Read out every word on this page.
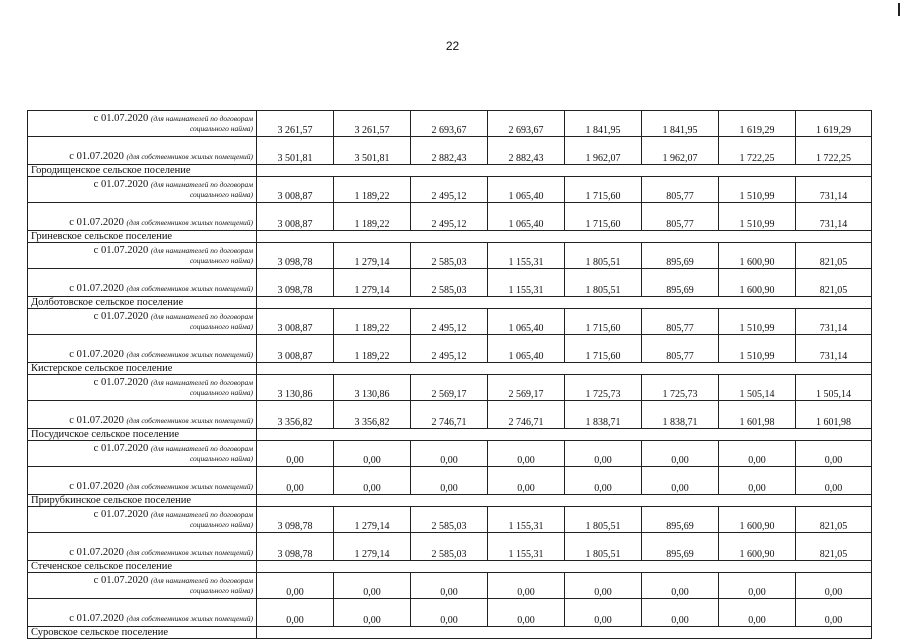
22
с 01.07.2020 (для нанимателей по договорам
социального найма)	3 261,57	3 261,57	2 693,67	2 693,67	1 841,95	1 841,95	1 619,29	1 619,29
с 01.07.2020 (для собственников жилых помещений)	3 501,81	3 501,81	2 882,43	2 882,43	1 962,07	1 962,07	1 722,25	1 722,25
Городищенское сельское поселение								

с 01.07.2020 (для нанимателей по договорам
социального найма)	3 008,87	1 189,22	2 495,12	1 065,40	1 715,60	805,77	1 510,99	731,14
с 01.07.2020 (для собственников жилых помещений)	3 008,87	1 189,22	2 495,12	1 065,40	1 715,60	805,77	1 510,99	731,14
Гриневское сельское поселение								

с 01.07.2020 (для нанимателей по договорам
социального найма)	3 098,78	1 279,14	2 585,03	1 155,31	1 805,51	895,69	1 600,90	821,05
с 01.07.2020 (для собственников жилых помещений)	3 098,78	1 279,14	2 585,03	1 155,31	1 805,51	895,69	1 600,90	821,05
Долботовское сельское поселение								

с 01.07.2020 (для нанимателей по договорам
социального найма)	3 008,87	1 189,22	2 495,12	1 065,40	1 715,60	805,77	1 510,99	731,14
с 01.07.2020 (для собственников жилых помещений)	3 008,87	1 189,22	2 495,12	1 065,40	1 715,60	805,77	1 510,99	731,14
Кистерское сельское поселение								

с 01.07.2020 (для нанимателей по договорам
социального найма)	3 130,86	3 130,86	2 569,17	2 569,17	1 725,73	1 725,73	1 505,14	1 505,14
с 01.07.2020 (для собственников жилых помещений)	3 356,82	3 356,82	2 746,71	2 746,71	1 838,71	1 838,71	1 601,98	1 601,98
Посудичское сельское поселение								

с 01.07.2020 (для нанимателей по договорам
социального найма)	0,00	0,00	0,00	0,00	0,00	0,00	0,00	0,00
с 01.07.2020 (для собственников жилых помещений)	0,00	0,00	0,00	0,00	0,00	0,00	0,00	0,00
Прирубкинское сельское поселение								

с 01.07.2020 (для нанимателей по договорам
социального найма)	3 098,78	1 279,14	2 585,03	1 155,31	1 805,51	895,69	1 600,90	821,05
с 01.07.2020 (для собственников жилых помещений)	3 098,78	1 279,14	2 585,03	1 155,31	1 805,51	895,69	1 600,90	821,05
Стеченское сельское поселение								

с 01.07.2020 (для нанимателей по договорам
социального найма)	0,00	0,00	0,00	0,00	0,00	0,00	0,00	0,00
с 01.07.2020 (для собственников жилых помещений)	0,00	0,00	0,00	0,00	0,00	0,00	0,00	0,00
Суровское сельское поселение								
